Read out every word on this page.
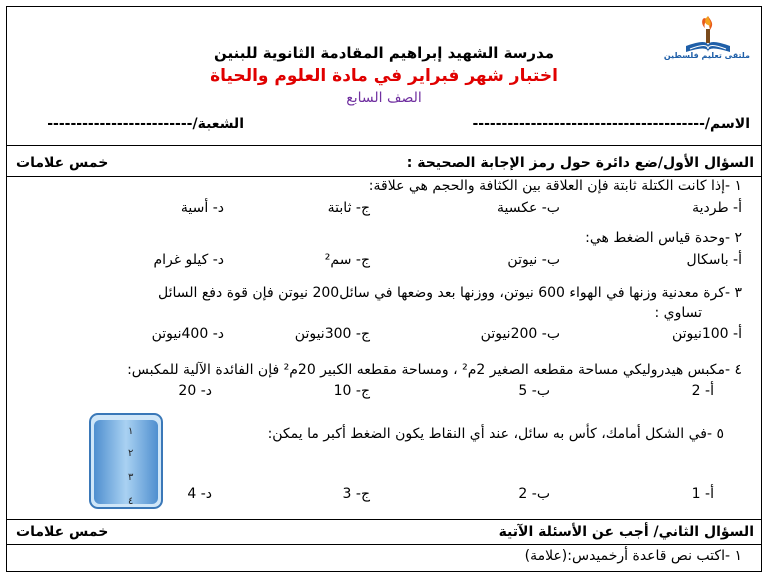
ملتقى تعليم فلسطين
مدرسة الشهيد إبراهيم المقادمة الثانوية للبنين
اختبار شهر فبراير في مادة العلوم والحياة
الصف السابع
الاسم/----------------------------------------
الشعبة/-------------------------
السؤال الأول/ضع دائرة حول رمز الإجابة الصحيحة :
خمس علامات
١ -إذا كانت الكتلة ثابتة فإن العلاقة بين الكثافة والحجم هي علاقة:
أ- طردية
ب- عكسية
ج- ثابتة
د- أسية
٢ -وحدة قياس الضغط هي:
أ- باسكال
ب- نيوتن
ج- سم²
د- كيلو غرام
٣ -كرة معدنية وزنها في الهواء 600 نيوتن، ووزنها بعد وضعها في سائل200 نيوتن فإن قوة دفع السائل
تساوي :
أ- 100نيوتن
ب- 200نيوتن
ج- 300نيوتن
د- 400نيوتن
٤ -مكبس هيدروليكي مساحة مقطعه الصغير 2م² ، ومساحة مقطعه الكبير 20م² فإن الفائدة الآلية للمكبس:
أ- 2
ب- 5
ج- 10
د- 20
٥ -في الشكل أمامك، كأس به سائل، عند أي النقاط يكون الضغط أكبر ما يمكن:
أ- 1
ب- 2
ج- 3
د- 4
١
٢
٣
٤
السؤال الثاني/ أجب عن الأسئلة الآتية
خمس علامات
١ -اكتب نص قاعدة أرخميدس:(علامة)
